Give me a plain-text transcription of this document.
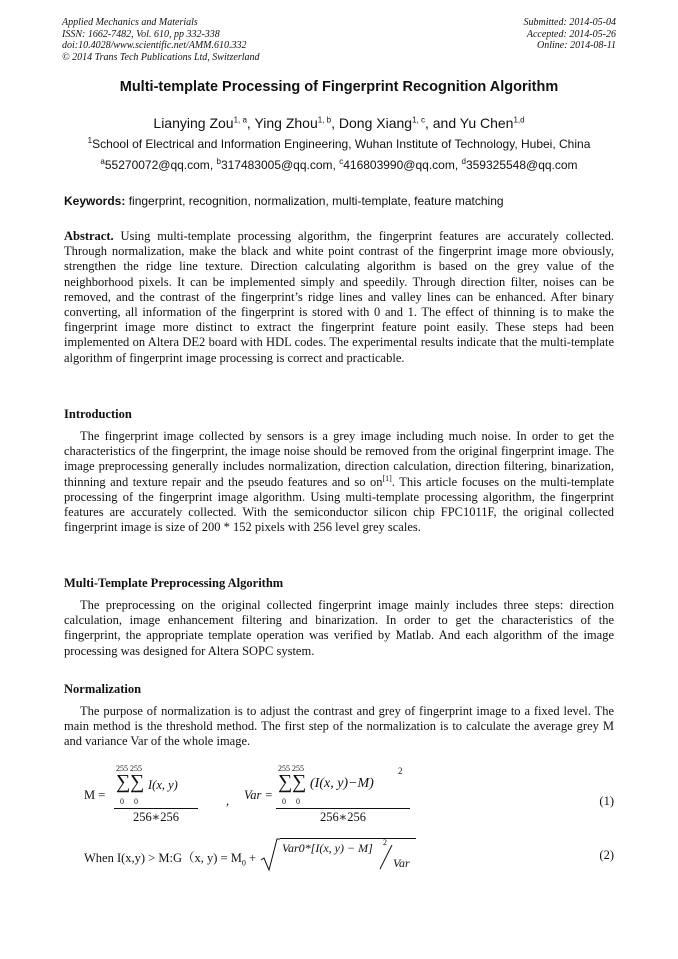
Applied Mechanics and Materials
ISSN: 1662-7482, Vol. 610, pp 332-338
doi:10.4028/www.scientific.net/AMM.610.332
© 2014 Trans Tech Publications Ltd, Switzerland
Submitted: 2014-05-04
Accepted: 2014-05-26
Online: 2014-08-11
Multi-template Processing of Fingerprint Recognition Algorithm
Lianying Zou$^{1, a}$, Ying Zhou$^{1, b}$, Dong Xiang$^{1, c}$, and Yu Chen$^{1,d}$
$^1$School of Electrical and Information Engineering, Wuhan Institute of Technology, Hubei, China
$^a$55270072@qq.com, $^b$317483005@qq.com, $^c$416803990@qq.com, $^d$359325548@qq.com
Keywords: fingerprint, recognition, normalization, multi-template, feature matching
Abstract. Using multi-template processing algorithm, the fingerprint features are accurately collected. Through normalization, make the black and white point contrast of the fingerprint image more obviously, strengthen the ridge line texture. Direction calculating algorithm is based on the grey value of the neighborhood pixels. It can be implemented simply and speedily. Through direction filter, noises can be removed, and the contrast of the fingerprint’s ridge lines and valley lines can be enhanced. After binary converting, all information of the fingerprint is stored with 0 and 1. The effect of thinning is to make the fingerprint image more distinct to extract the fingerprint feature point easily. These steps had been implemented on Altera DE2 board with HDL codes. The experimental results indicate that the multi-template algorithm of fingerprint image processing is correct and practicable.
Introduction
The fingerprint image collected by sensors is a grey image including much noise. In order to get the characteristics of the fingerprint, the image noise should be removed from the original fingerprint image. The image preprocessing generally includes normalization, direction calculation, direction filtering, binarization, thinning and texture repair and the pseudo features and so on[1]. This article focuses on the multi-template processing of the fingerprint image algorithm. Using multi-template processing algorithm, the fingerprint features are accurately collected. With the semiconductor silicon chip FPC1011F, the original collected fingerprint image is size of 200 * 152 pixels with 256 level grey scales.
Multi-Template Preprocessing Algorithm
The preprocessing on the original collected fingerprint image mainly includes three steps: direction calculation, image enhancement filtering and binarization. In order to get the characteristics of the fingerprint, the appropriate template operation was verified by Matlab. And each algorithm of the image processing was designed for Altera SOPC system.
Normalization
The purpose of normalization is to adjust the contrast and grey of fingerprint image to a fixed level. The main method is the threshold method. The first step of the normalization is to calculate the average grey M and variance Var of the whole image.
M = 255 255
∑ ∑
0 0
I(x, y)
256∗256 , Var =
255 255
∑ ∑
0 0
(I(x, y)−M)
2
256∗256
(1)
When I(x,y) > M:G（x, $y) = M_0$ +
Var0*[I(x, y) − M] 2
Var
(2)
